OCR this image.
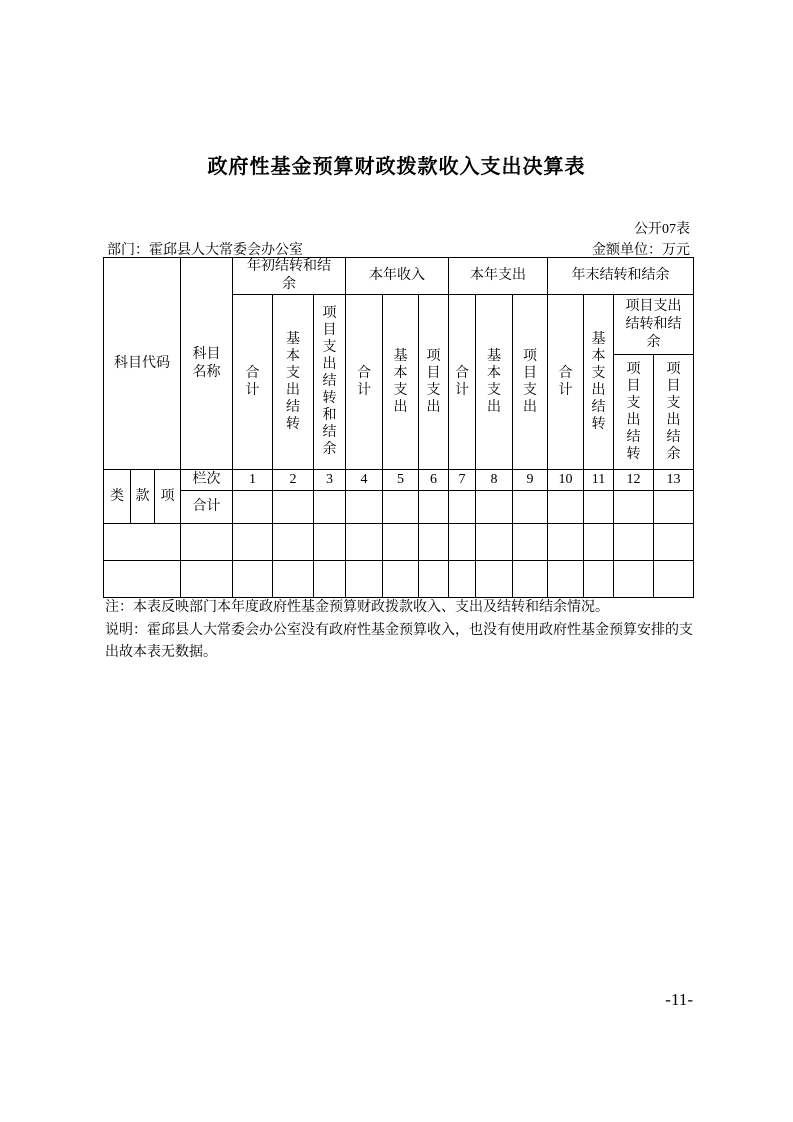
政府性基金预算财政拨款收入支出决算表
公开07表
部门：霍邱县人大常委会办公室	金额单位：万元
科目代码			科目名称	年初结转和结余			本年收入			本年支出			年末结转和结余			
				合计	基本支出结转	项目支出结转和结余	合计	基本支出	项目支出	合计	基本支出	项目支出	合计	基本支出结转	项目支出结转和结余	
															项目支出结转	项目支出结余
类	款	项	栏次	1	2	3	4	5	6	7	8	9	10	11	12	13
			合计													

注：本表反映部门本年度政府性基金预算财政拨款收入、支出及结转和结余情况。
说明：霍邱县人大常委会办公室没有政府性基金预算收入，也没有使用政府性基金预算安排的支出故本表无数据。
-11-
